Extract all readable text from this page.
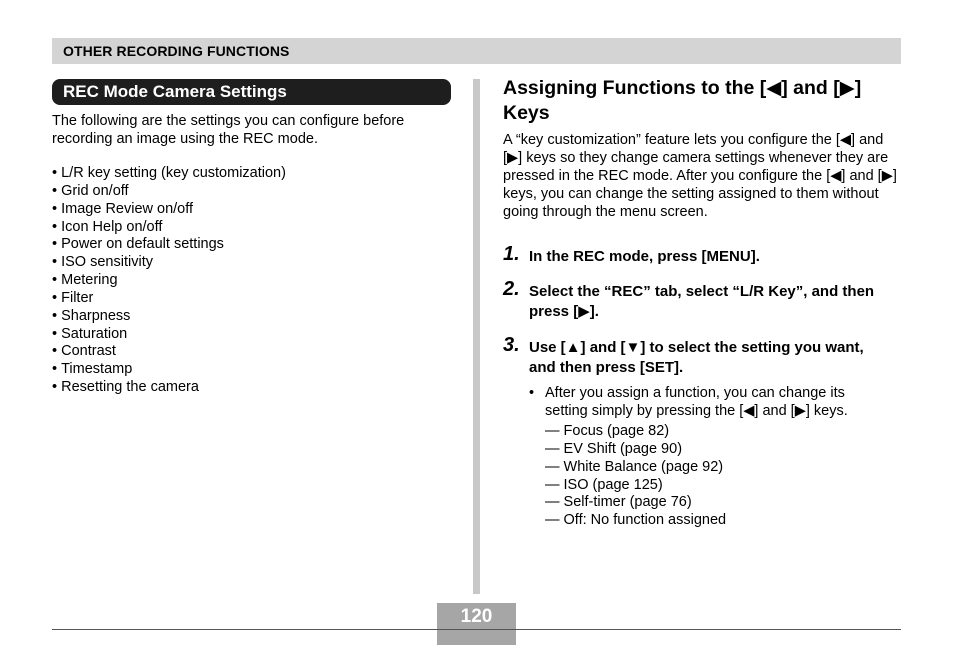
OTHER RECORDING FUNCTIONS
REC Mode Camera Settings
The following are the settings you can configure before recording an image using the REC mode.
• L/R key setting (key customization)
• Grid on/off
• Image Review on/off
• Icon Help on/off
• Power on default settings
• ISO sensitivity
• Metering
• Filter
• Sharpness
• Saturation
• Contrast
• Timestamp
• Resetting the camera
Assigning Functions to the [◀] and [▶] Keys
A “key customization” feature lets you configure the [◀] and [▶] keys so they change camera settings whenever they are pressed in the REC mode. After you configure the [◀] and [▶] keys, you can change the setting assigned to them without going through the menu screen.
1. In the REC mode, press [MENU].
2. Select the “REC” tab, select “L/R Key”, and then press [▶].
3. Use [▲] and [▼] to select the setting you want, and then press [SET].
• After you assign a function, you can change its setting simply by pressing the [◀] and [▶] keys.
— Focus (page 82)
— EV Shift (page 90)
— White Balance (page 92)
— ISO (page 125)
— Self-timer (page 76)
— Off: No function assigned
120
